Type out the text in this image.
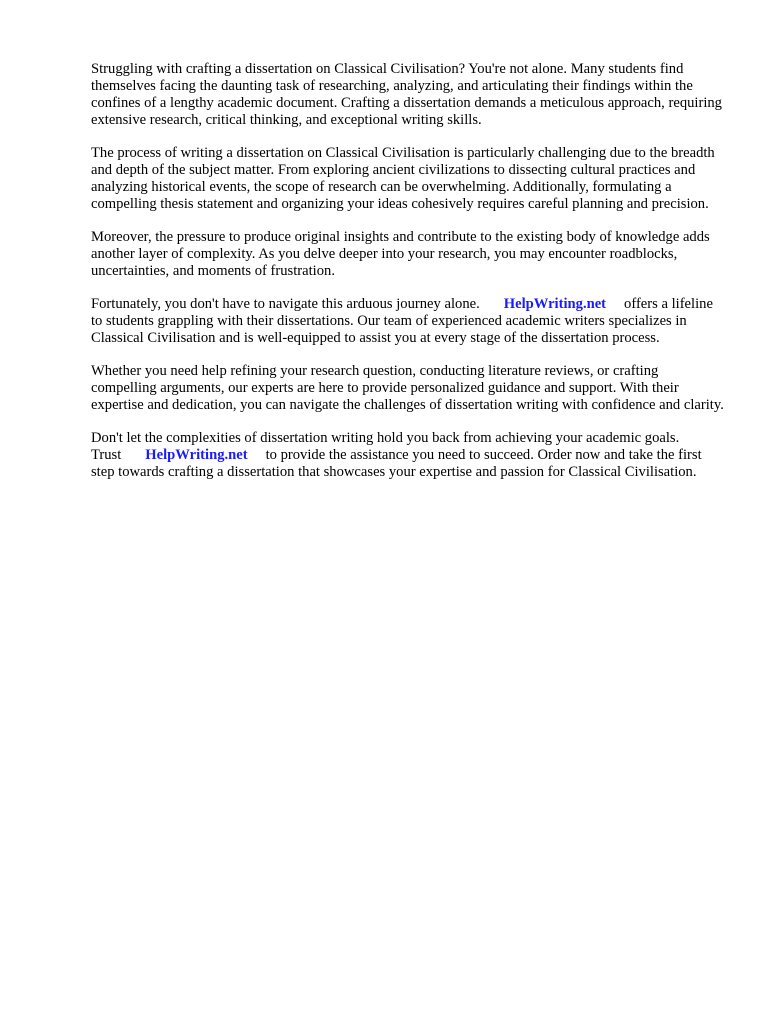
Struggling with crafting a dissertation on Classical Civilisation? You're not alone. Many students find themselves facing the daunting task of researching, analyzing, and articulating their findings within the confines of a lengthy academic document. Crafting a dissertation demands a meticulous approach, requiring extensive research, critical thinking, and exceptional writing skills.

The process of writing a dissertation on Classical Civilisation is particularly challenging due to the breadth and depth of the subject matter. From exploring ancient civilizations to dissecting cultural practices and analyzing historical events, the scope of research can be overwhelming. Additionally, formulating a compelling thesis statement and organizing your ideas cohesively requires careful planning and precision.

Moreover, the pressure to produce original insights and contribute to the existing body of knowledge adds another layer of complexity. As you delve deeper into your research, you may encounter roadblocks, uncertainties, and moments of frustration.

Fortunately, you don't have to navigate this arduous journey alone. HelpWriting.net offers a lifeline to students grappling with their dissertations. Our team of experienced academic writers specializes in Classical Civilisation and is well-equipped to assist you at every stage of the dissertation process.

Whether you need help refining your research question, conducting literature reviews, or crafting compelling arguments, our experts are here to provide personalized guidance and support. With their expertise and dedication, you can navigate the challenges of dissertation writing with confidence and clarity.

Don't let the complexities of dissertation writing hold you back from achieving your academic goals. Trust HelpWriting.net to provide the assistance you need to succeed. Order now and take the first step towards crafting a dissertation that showcases your expertise and passion for Classical Civilisation.
